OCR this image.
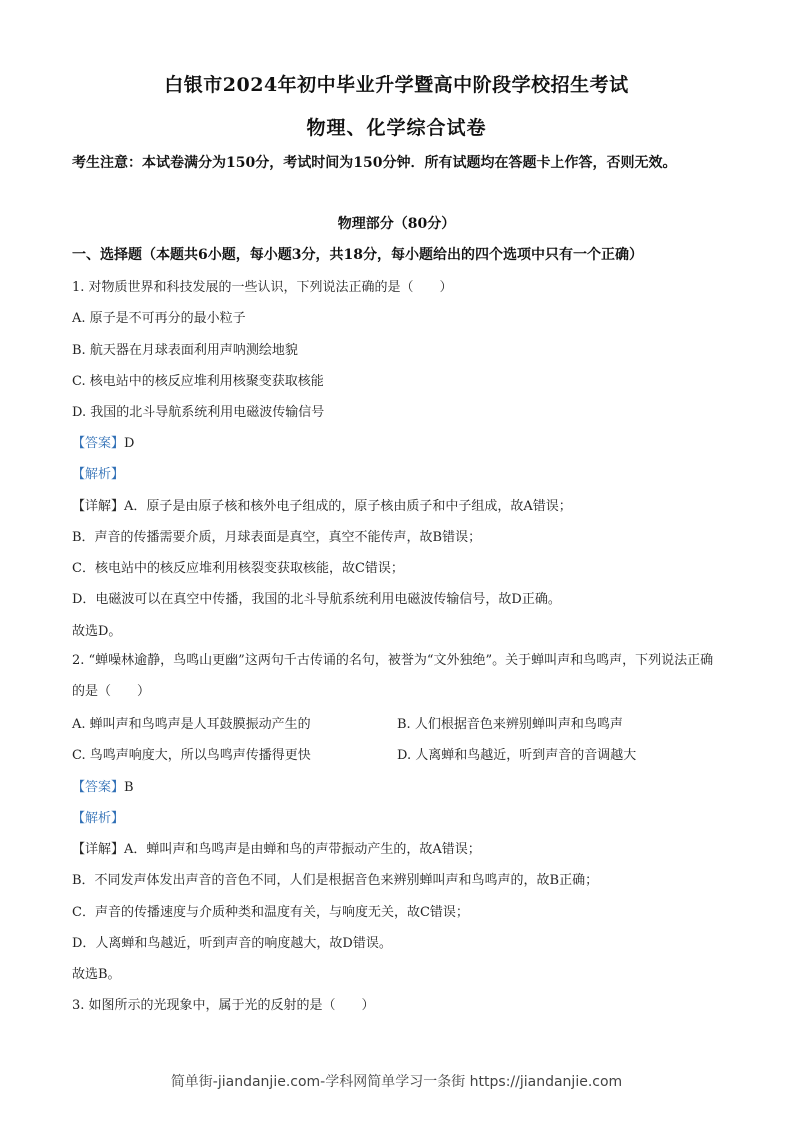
白银市2024年初中毕业升学暨高中阶段学校招生考试
物理、化学综合试卷
考生注意：本试卷满分为150分，考试时间为150分钟．所有试题均在答题卡上作答，否则无效。
物理部分（80分）
一、选择题（本题共6小题，每小题3分，共18分，每小题给出的四个选项中只有一个正确）
1. 对物质世界和科技发展的一些认识，下列说法正确的是（　　）
A. 原子是不可再分的最小粒子
B. 航天器在月球表面利用声呐测绘地貌
C. 核电站中的核反应堆利用核聚变获取核能
D. 我国的北斗导航系统利用电磁波传输信号
【答案】D
【解析】
【详解】A．原子是由原子核和核外电子组成的，原子核由质子和中子组成，故A错误；
B．声音的传播需要介质，月球表面是真空，真空不能传声，故B错误；
C．核电站中的核反应堆利用核裂变获取核能，故C错误；
D．电磁波可以在真空中传播，我国的北斗导航系统利用电磁波传输信号，故D正确。
故选D。
2. “蝉噪林逾静，鸟鸣山更幽”这两句千古传诵的名句，被誉为“文外独绝”。关于蝉叫声和鸟鸣声，下列说法正确的是（　　）
A. 蝉叫声和鸟鸣声是人耳鼓膜振动产生的	B. 人们根据音色来辨别蝉叫声和鸟鸣声
C. 鸟鸣声响度大，所以鸟鸣声传播得更快	D. 人离蝉和鸟越近，听到声音的音调越大
【答案】B
【解析】
【详解】A．蝉叫声和鸟鸣声是由蝉和鸟的声带振动产生的，故A错误；
B．不同发声体发出声音的音色不同，人们是根据音色来辨别蝉叫声和鸟鸣声的，故B正确；
C．声音的传播速度与介质种类和温度有关，与响度无关，故C错误；
D．人离蝉和鸟越近，听到声音的响度越大，故D错误。
故选B。
3. 如图所示的光现象中，属于光的反射的是（　　）
简单街-jiandanjie.com-学科网简单学习一条街 https://jiandanjie.com
